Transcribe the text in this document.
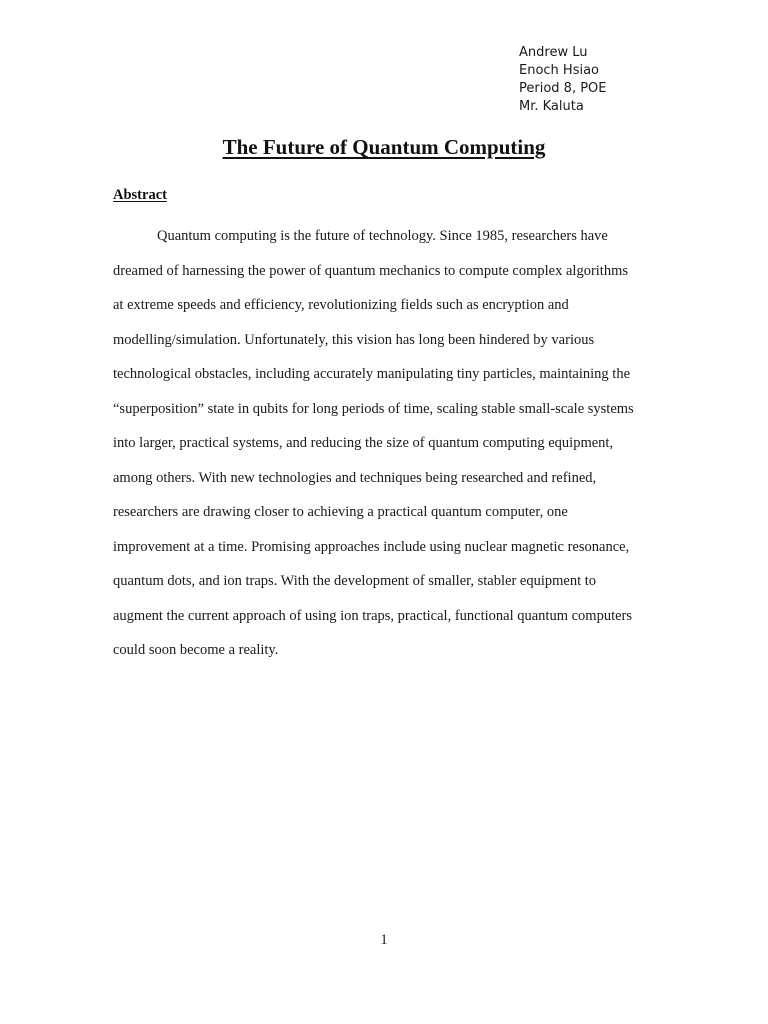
Andrew Lu
Enoch Hsiao
Period 8, POE
Mr. Kaluta
The Future of Quantum Computing
Abstract
Quantum computing is the future of technology. Since 1985, researchers have
dreamed of harnessing the power of quantum mechanics to compute complex algorithms
at extreme speeds and efficiency, revolutionizing fields such as encryption and
modelling/simulation. Unfortunately, this vision has long been hindered by various
technological obstacles, including accurately manipulating tiny particles, maintaining the
“superposition” state in qubits for long periods of time, scaling stable small-scale systems
into larger, practical systems, and reducing the size of quantum computing equipment,
among others. With new technologies and techniques being researched and refined,
researchers are drawing closer to achieving a practical quantum computer, one
improvement at a time. Promising approaches include using nuclear magnetic resonance,
quantum dots, and ion traps. With the development of smaller, stabler equipment to
augment the current approach of using ion traps, practical, functional quantum computers
could soon become a reality.
1
